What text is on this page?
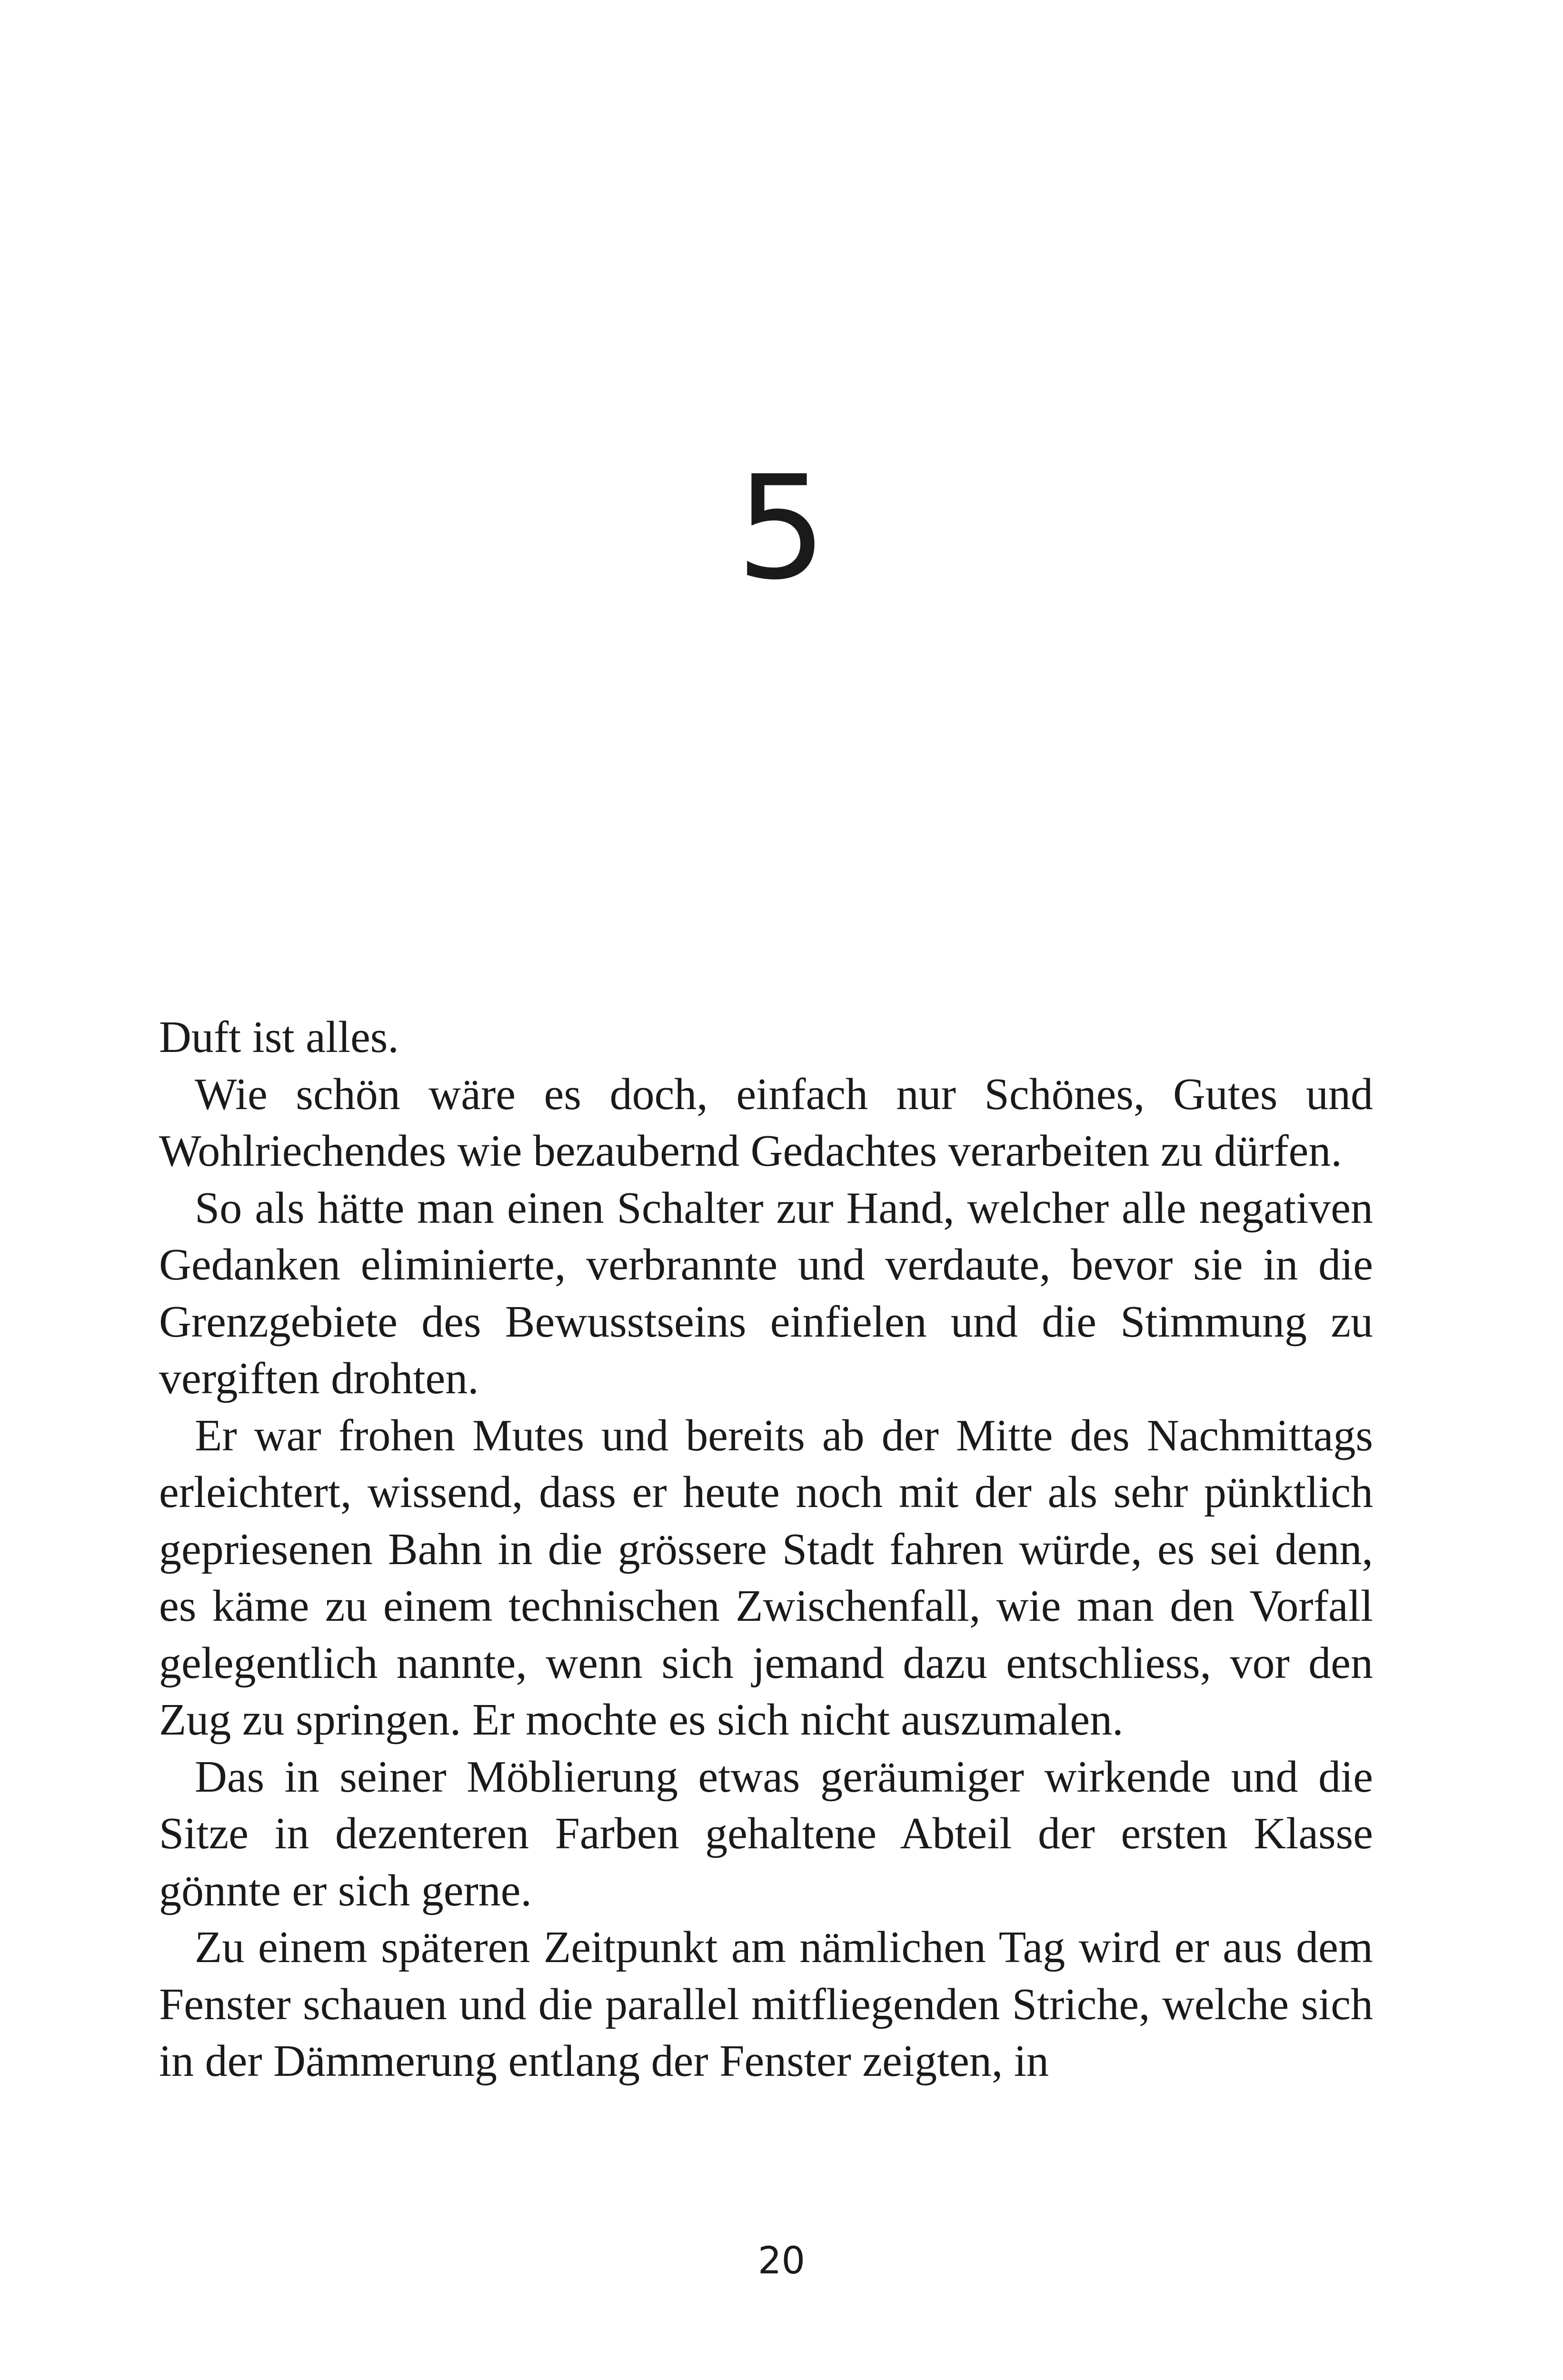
5

Duft ist alles.

Wie schön wäre es doch, einfach nur Schönes, Gutes und Wohlriechendes wie bezaubernd Gedachtes verarbeiten zu dürfen.

So als hätte man einen Schalter zur Hand, welcher alle negativen Gedanken eliminierte, verbrannte und verdaute, bevor sie in die Grenzgebiete des Bewusstseins einfielen und die Stimmung zu vergiften drohten.

Er war frohen Mutes und bereits ab der Mitte des Nachmittags erleichtert, wissend, dass er heute noch mit der als sehr pünktlich gepriesenen Bahn in die grössere Stadt fahren würde, es sei denn, es käme zu einem technischen Zwischenfall, wie man den Vorfall gelegentlich nannte, wenn sich jemand dazu entschliess, vor den Zug zu springen. Er mochte es sich nicht auszumalen.

Das in seiner Möblierung etwas geräumiger wirkende und die Sitze in dezenteren Farben gehaltene Abteil der ersten Klasse gönnte er sich gerne.

Zu einem späteren Zeitpunkt am nämlichen Tag wird er aus dem Fenster schauen und die parallel mitfliegenden Striche, welche sich in der Dämmerung entlang der Fenster zeigten, in

20
